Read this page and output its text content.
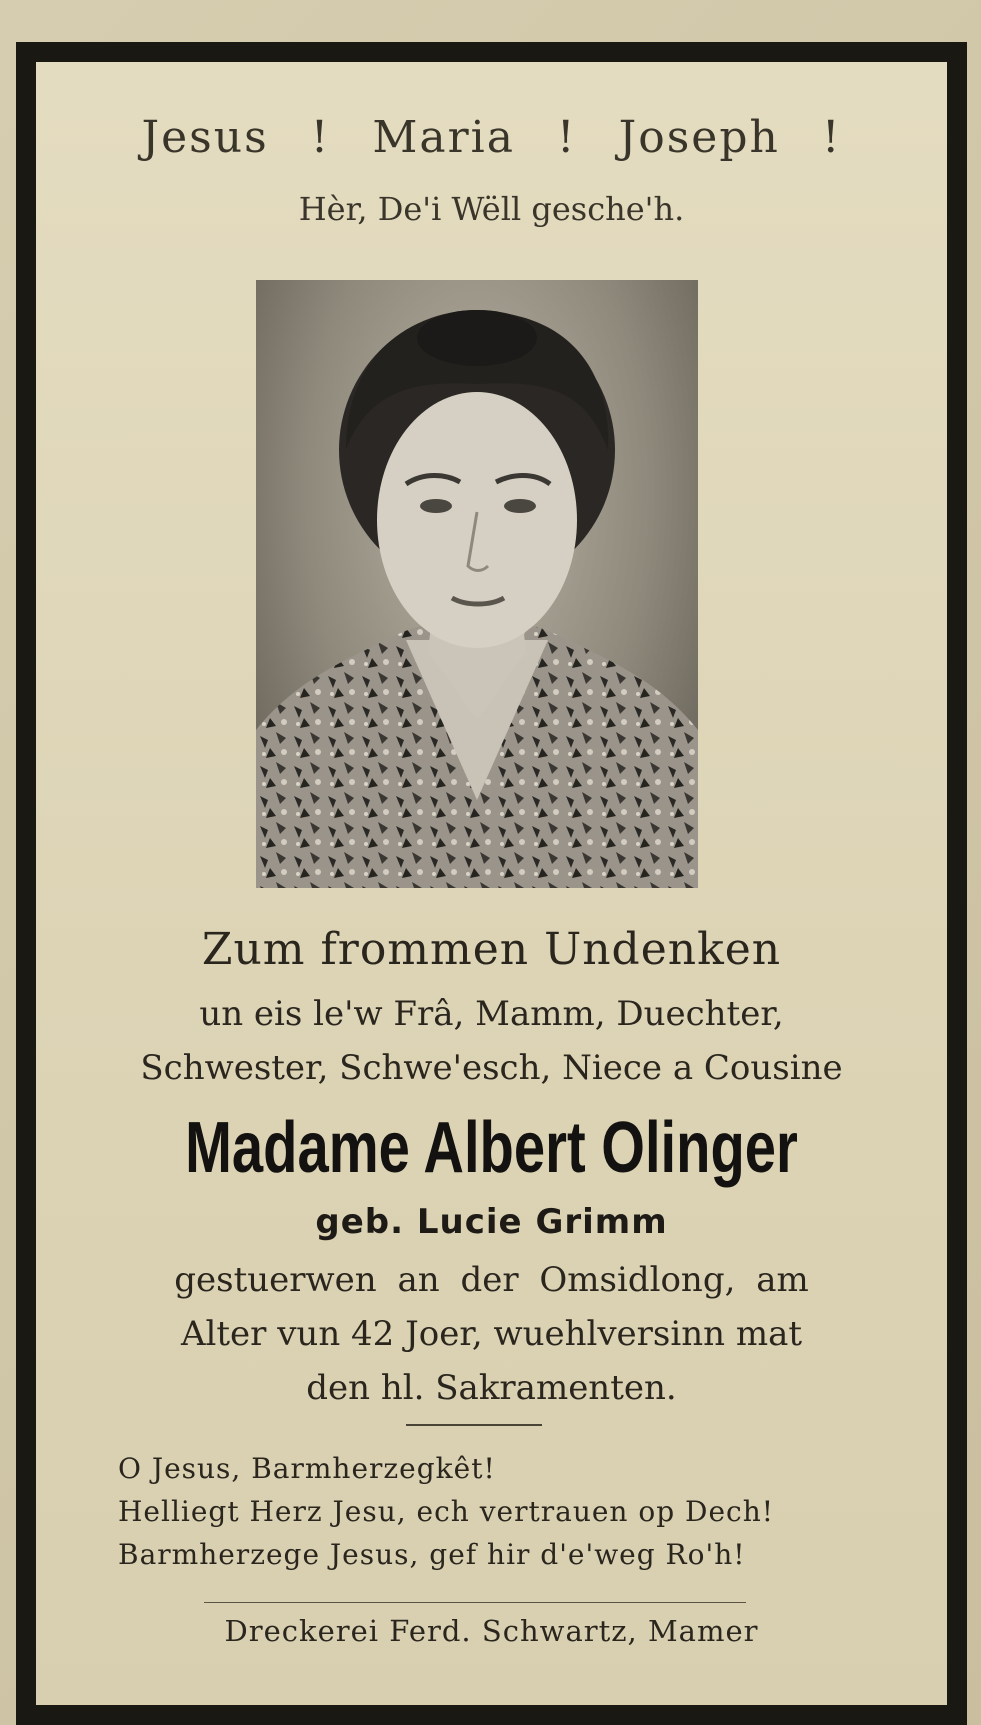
Jesus ! Maria ! Joseph !
Hèr, De'i Wëll gesche'h.
Zum frommen Undenken
un eis le'w Frâ, Mamm, Duechter,
Schwester, Schwe'esch, Niece a Cousine
Madame Albert Olinger
geb. Lucie Grimm
gestuerwen an der Omsidlong, am
Alter vun 42 Joer, wuehlversinn mat
den hl. Sakramenten.
O Jesus, Barmherzegkêt!
Helliegt Herz Jesu, ech vertrauen op Dech!
Barmherzege Jesus, gef hir d'e'weg Ro'h!
Dreckerei Ferd. Schwartz, Mamer
